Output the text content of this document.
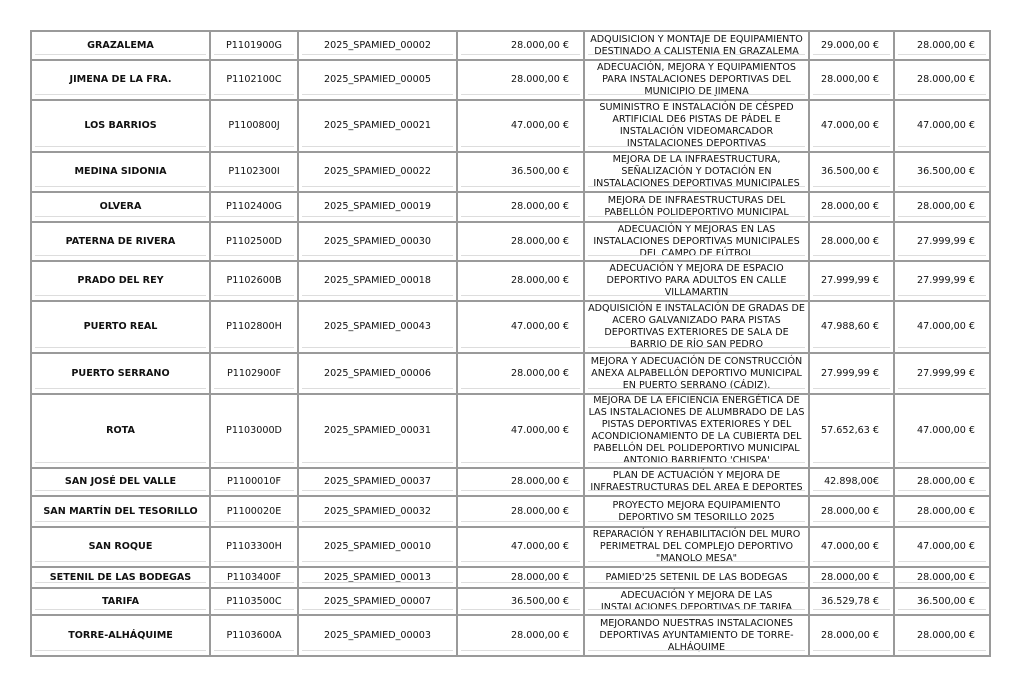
GRAZALEMA	P1101900G	2025_SPAMIED_00002	28.000,00 €	ADQUISICION Y MONTAJE DE EQUIPAMIENTO DESTINADO A CALISTENIA EN GRAZALEMA	29.000,00 €	28.000,00 €
JIMENA DE LA FRA.	P1102100C	2025_SPAMIED_00005	28.000,00 €	ADECUACIÓN, MEJORA Y EQUIPAMIENTOS PARA INSTALACIONES DEPORTIVAS DEL MUNICIPIO DE JIMENA	28.000,00 €	28.000,00 €
LOS BARRIOS	P1100800J	2025_SPAMIED_00021	47.000,00 €	SUMINISTRO E INSTALACIÓN DE CÉSPED ARTIFICIAL DE6 PISTAS DE PÁDEL E INSTALACIÓN VIDEOMARCADOR INSTALACIONES DEPORTIVAS	47.000,00 €	47.000,00 €
MEDINA SIDONIA	P1102300I	2025_SPAMIED_00022	36.500,00 €	MEJORA DE LA INFRAESTRUCTURA, SEÑALIZACIÓN Y DOTACIÓN EN INSTALACIONES DEPORTIVAS MUNICIPALES	36.500,00 €	36.500,00 €
OLVERA	P1102400G	2025_SPAMIED_00019	28.000,00 €	MEJORA DE INFRAESTRUCTURAS DEL PABELLÓN POLIDEPORTIVO MUNICIPAL	28.000,00 €	28.000,00 €
PATERNA DE RIVERA	P1102500D	2025_SPAMIED_00030	28.000,00 €	ADECUACIÓN Y MEJORAS EN LAS INSTALACIONES DEPORTIVAS MUNICIPALES DEL CAMPO DE FÚTBOL	28.000,00 €	27.999,99 €
PRADO DEL REY	P1102600B	2025_SPAMIED_00018	28.000,00 €	ADECUACIÓN Y MEJORA DE ESPACIO DEPORTIVO PARA ADULTOS EN CALLE VILLAMARTIN	27.999,99 €	27.999,99 €
PUERTO REAL	P1102800H	2025_SPAMIED_00043	47.000,00 €	ADQUISICIÓN E INSTALACIÓN DE GRADAS DE ACERO GALVANIZADO PARA PISTAS DEPORTIVAS EXTERIORES DE SALA DE BARRIO DE RÍO SAN PEDRO	47.988,60 €	47.000,00 €
PUERTO SERRANO	P1102900F	2025_SPAMIED_00006	28.000,00 €	MEJORA Y ADECUACIÓN DE CONSTRUCCIÓN ANEXA ALPABELLÓN DEPORTIVO MUNICIPAL EN PUERTO SERRANO (CÁDIZ).	27.999,99 €	27.999,99 €
ROTA	P1103000D	2025_SPAMIED_00031	47.000,00 €	MEJORA DE LA EFICIENCIA ENERGÉTICA DE LAS INSTALACIONES DE ALUMBRADO DE LAS PISTAS DEPORTIVAS EXTERIORES Y DEL ACONDICIONAMIENTO DE LA CUBIERTA DEL PABELLÓN DEL POLIDEPORTIVO MUNICIPAL ANTONIO BARRIENTO 'CHISPA'	57.652,63 €	47.000,00 €
SAN JOSÉ DEL VALLE	P1100010F	2025_SPAMIED_00037	28.000,00 €	PLAN DE ACTUACIÓN Y MEJORA DE INFRAESTRUCTURAS DEL AREA E DEPORTES	42.898,00€	28.000,00 €
SAN MARTÍN DEL TESORILLO	P1100020E	2025_SPAMIED_00032	28.000,00 €	PROYECTO MEJORA EQUIPAMIENTO DEPORTIVO SM TESORILLO 2025	28.000,00 €	28.000,00 €
SAN ROQUE	P1103300H	2025_SPAMIED_00010	47.000,00 €	REPARACIÓN Y REHABILITACIÓN DEL MURO PERIMETRAL DEL COMPLEJO DEPORTIVO "MANOLO MESA"	47.000,00 €	47.000,00 €
SETENIL DE LAS BODEGAS	P1103400F	2025_SPAMIED_00013	28.000,00 €	PAMIED'25 SETENIL DE LAS BODEGAS	28.000,00 €	28.000,00 €
TARIFA	P1103500C	2025_SPAMIED_00007	36.500,00 €	ADECUACIÓN Y MEJORA DE LAS INSTALACIONES DEPORTIVAS DE TARIFA	36.529,78 €	36.500,00 €
TORRE-ALHÁQUIME	P1103600A	2025_SPAMIED_00003	28.000,00 €	MEJORANDO NUESTRAS INSTALACIONES DEPORTIVAS AYUNTAMIENTO DE TORRE-ALHÁQUIME	28.000,00 €	28.000,00 €
